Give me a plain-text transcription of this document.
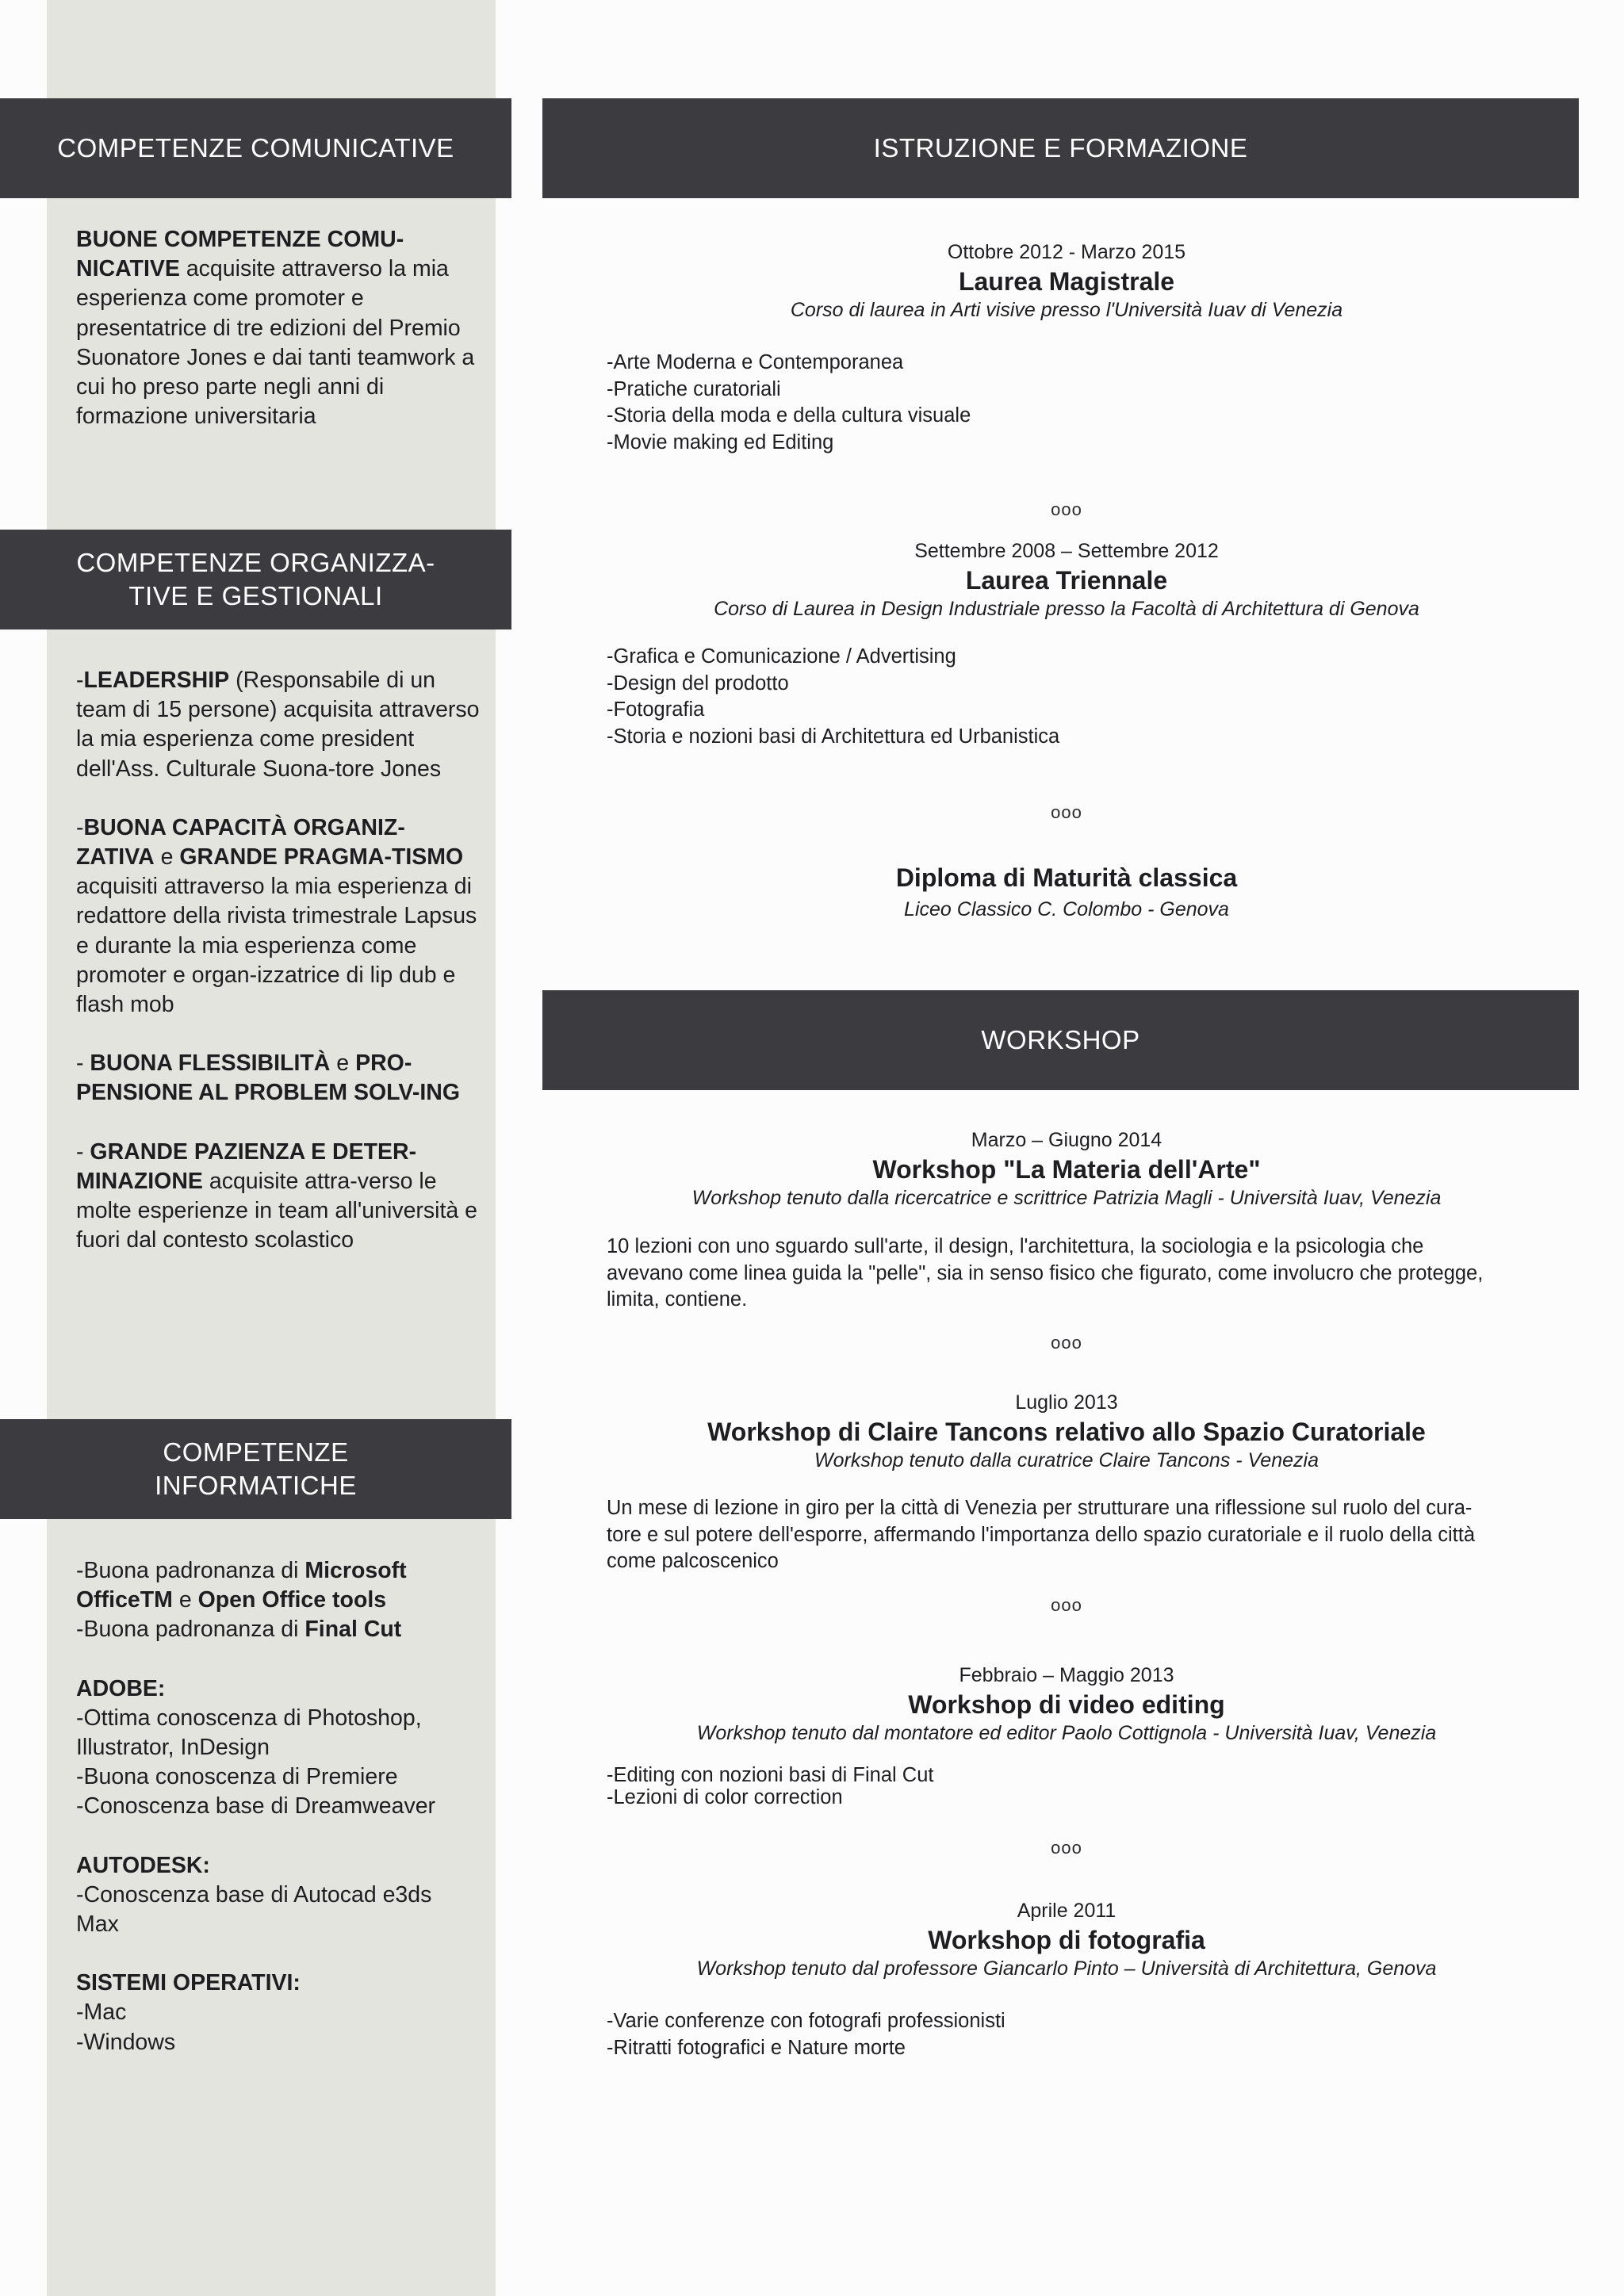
COMPETENZE COMUNICATIVE

BUONE COMPETENZE COMU-NICATIVE acquisite attraverso la mia esperienza come promoter e presentatrice di tre edizioni del Premio Suonatore Jones e dai tanti teamwork a cui ho preso parte negli anni di formazione universitaria

COMPETENZE ORGANIZZA-TIVE E GESTIONALI

-LEADERSHIP (Responsabile di un team di 15 persone) acquisita attraverso la mia esperienza come president dell'Ass. Culturale Suona-tore Jones

-BUONA CAPACITÀ ORGANIZ-ZATIVA e GRANDE PRAGMA-TISMO acquisiti attraverso la mia esperienza di redattore della rivista trimestrale Lapsus e durante la mia esperienza come promoter e organ-izzatrice di lip dub e flash mob

- BUONA FLESSIBILITÀ e PRO-PENSIONE AL PROBLEM SOLV-ING

- GRANDE PAZIENZA E DETER-MINAZIONE acquisite attra-verso le molte esperienze in team all'università e fuori dal contesto scolastico

COMPETENZE INFORMATICHE

-Buona padronanza di Microsoft OfficeTM e Open Office tools
-Buona padronanza di Final Cut

ADOBE:
-Ottima conoscenza di Photoshop, Illustrator, InDesign
-Buona conoscenza di Premiere
-Conoscenza base di Dreamweaver

AUTODESK:
-Conoscenza base di Autocad e3ds Max

SISTEMI OPERATIVI:
-Mac
-Windows

ISTRUZIONE E FORMAZIONE
Ottobre 2012 - Marzo 2015
Laurea Magistrale
Corso di laurea in Arti visive presso l'Università Iuav di Venezia
-Arte Moderna e Contemporanea
-Pratiche curatoriali
-Storia della moda e della cultura visuale
-Movie making ed Editing
ooo
Settembre 2008 – Settembre 2012
Laurea Triennale
Corso di Laurea in Design Industriale presso la Facoltà di Architettura di Genova
-Grafica e Comunicazione / Advertising
-Design del prodotto
-Fotografia
-Storia e nozioni basi di Architettura ed Urbanistica
ooo
Diploma di Maturità classica
Liceo Classico C. Colombo - Genova
WORKSHOP
Marzo – Giugno 2014
Workshop "La Materia dell'Arte"
Workshop tenuto dalla ricercatrice e scrittrice Patrizia Magli - Università Iuav, Venezia
10 lezioni con uno sguardo sull'arte, il design, l'architettura, la sociologia e la psicologia che
avevano come linea guida la "pelle", sia in senso fisico che figurato, come involucro che protegge,
limita, contiene.
ooo
Luglio 2013
Workshop di Claire Tancons relativo allo Spazio Curatoriale
Workshop tenuto dalla curatrice Claire Tancons - Venezia
Un mese di lezione in giro per la città di Venezia per strutturare una riflessione sul ruolo del cura-
tore e sul potere dell'esporre, affermando l'importanza dello spazio curatoriale e il ruolo della città
come palcoscenico
ooo
Febbraio – Maggio 2013
Workshop di video editing
Workshop tenuto dal montatore ed editor Paolo Cottignola - Università Iuav, Venezia
-Editing con nozioni basi di Final Cut
-Lezioni di color correction
ooo
Aprile 2011
Workshop di fotografia
Workshop tenuto dal professore Giancarlo Pinto – Università di Architettura, Genova
-Varie conferenze con fotografi professionisti
-Ritratti fotografici e Nature morte
